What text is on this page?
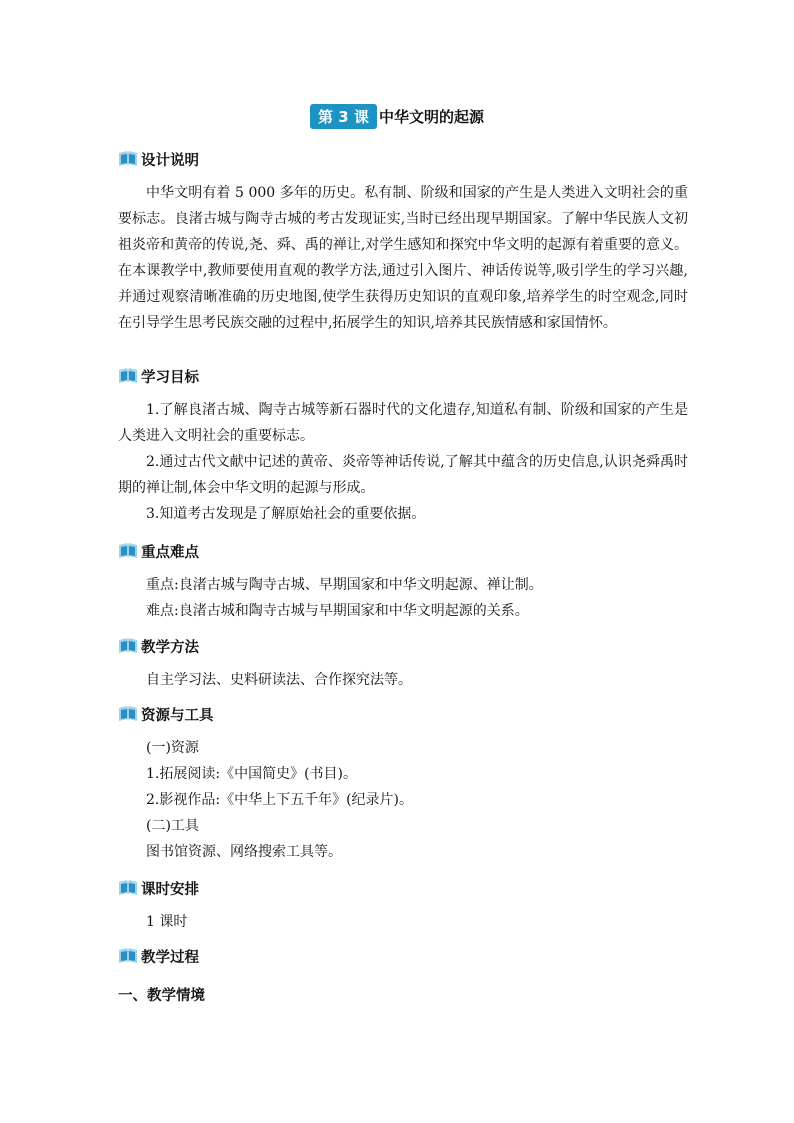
第 3 课 中华文明的起源
设计说明

中华文明有着 5 000 多年的历史。私有制、阶级和国家的产生是人类进入文明社会的重要标志。良渚古城与陶寺古城的考古发现证实,当时已经出现早期国家。了解中华民族人文初祖炎帝和黄帝的传说,尧、舜、禹的禅让,对学生感知和探究中华文明的起源有着重要的意义。在本课教学中,教师要使用直观的教学方法,通过引入图片、神话传说等,吸引学生的学习兴趣,并通过观察清晰准确的历史地图,使学生获得历史知识的直观印象,培养学生的时空观念,同时在引导学生思考民族交融的过程中,拓展学生的知识,培养其民族情感和家国情怀。

学习目标

1.了解良渚古城、陶寺古城等新石器时代的文化遗存,知道私有制、阶级和国家的产生是人类进入文明社会的重要标志。

2.通过古代文献中记述的黄帝、炎帝等神话传说,了解其中蕴含的历史信息,认识尧舜禹时期的禅让制,体会中华文明的起源与形成。

3.知道考古发现是了解原始社会的重要依据。

重点难点

重点:良渚古城与陶寺古城、早期国家和中华文明起源、禅让制。

难点:良渚古城和陶寺古城与早期国家和中华文明起源的关系。

教学方法

自主学习法、史料研读法、合作探究法等。

资源与工具

(一)资源

1.拓展阅读:《中国简史》(书目)。

2.影视作品:《中华上下五千年》(纪录片)。

(二)工具

图书馆资源、网络搜索工具等。

课时安排

1 课时

教学过程
一、教学情境
